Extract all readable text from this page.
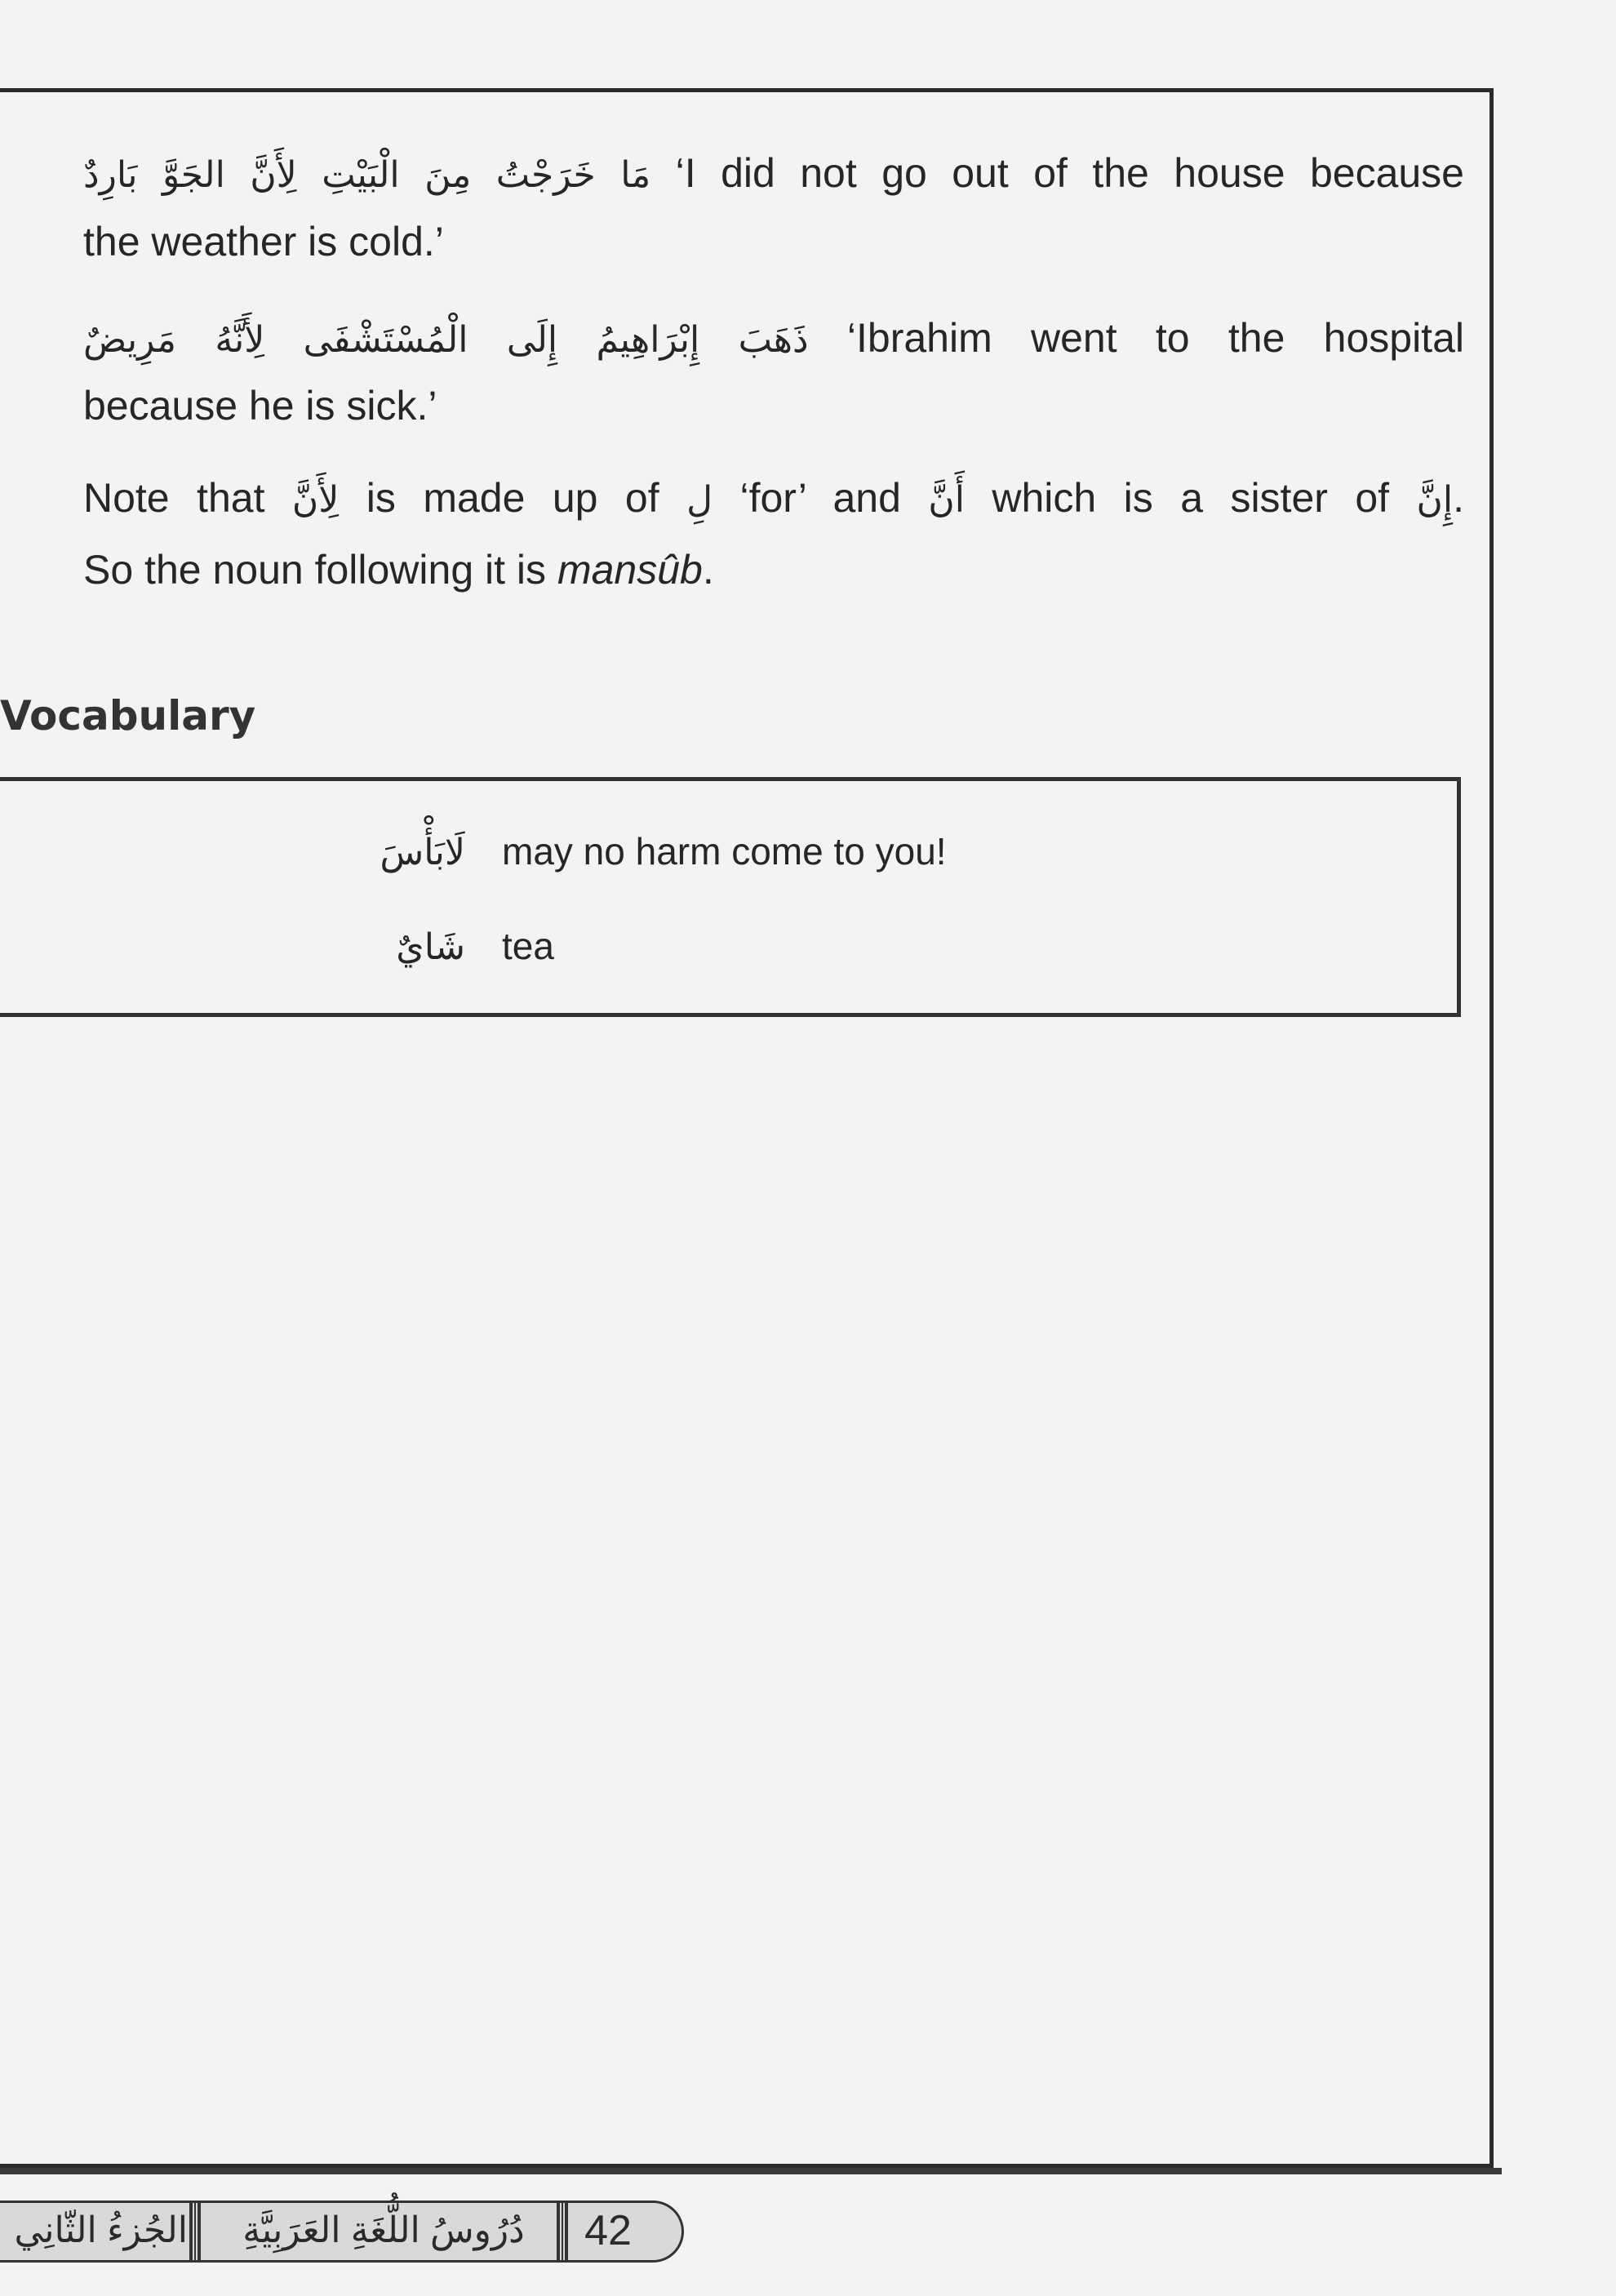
مَا خَرَجْتُ مِنَ الْبَيْتِ لِأَنَّ الجَوَّ بَارِدٌ ‘I did not go out of the house because
the weather is cold.’
ذَهَبَ إِبْرَاهِيمُ إِلَى الْمُسْتَشْفَى لِأَنَّهُ مَرِيضٌ ‘Ibrahim went to the hospital
because he is sick.’
Note that لِأَنَّ is made up of لِ ‘for’ and أَنَّ which is a sister of إِنَّ.
So the noun following it is mansûb.
Vocabulary
لَابَأْسَ may no harm come to you!
شَايٌ tea
الجُزءُ الثَّانِي	دُرُوسُ اللُّغَةِ العَرَبِيَّةِ	42
